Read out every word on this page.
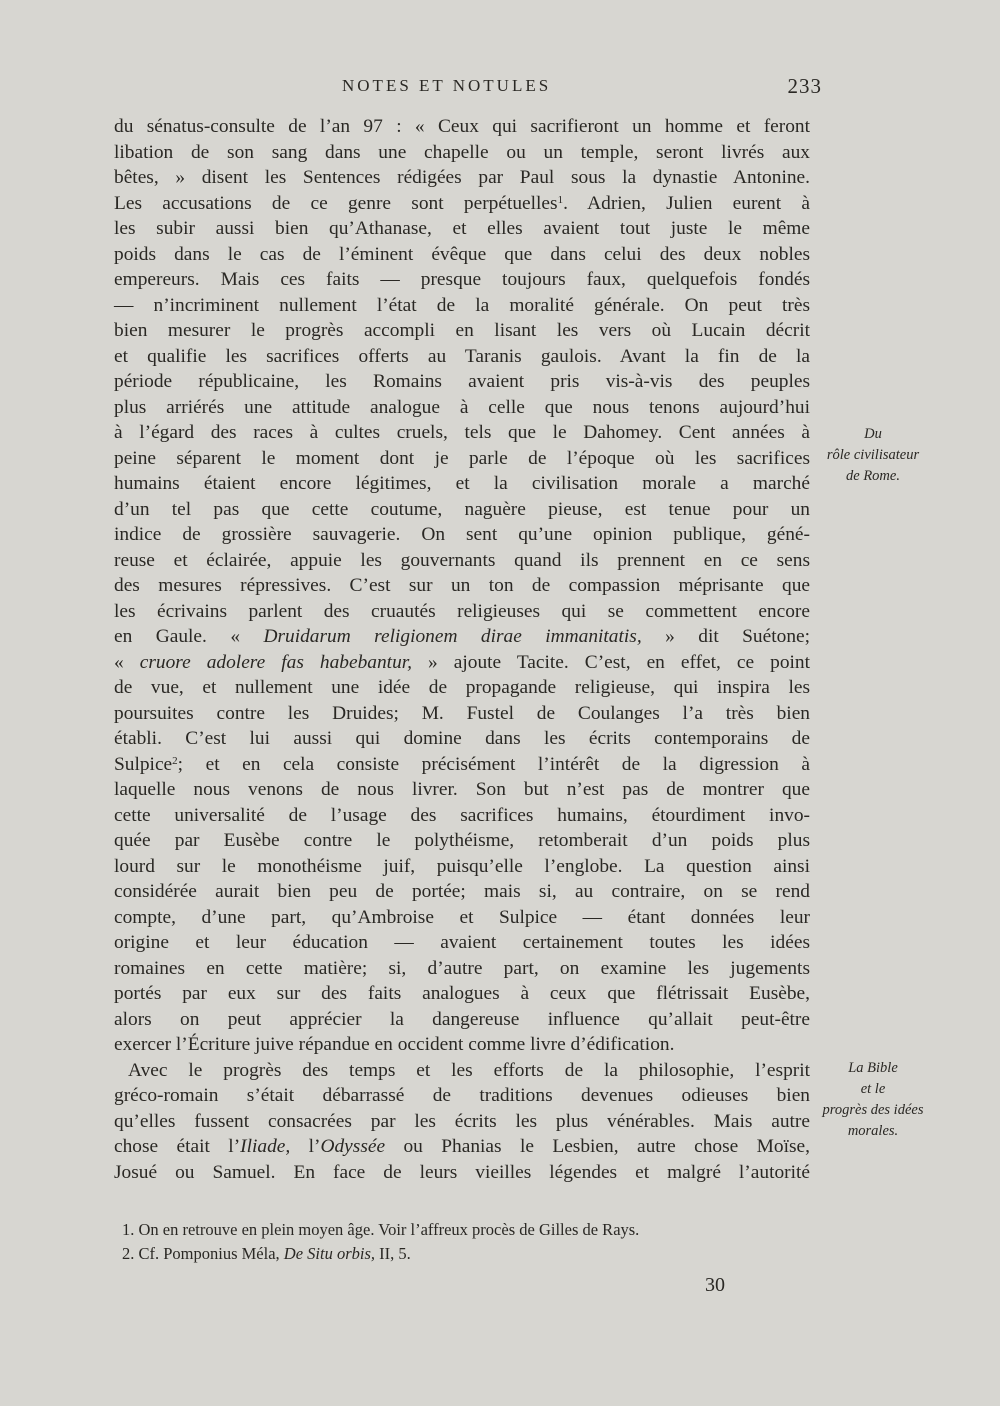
NOTES ET NOTULES	233
du sénatus-consulte de l’an 97 : « Ceux qui sacrifieront un homme et feront
libation de son sang dans une chapelle ou un temple, seront livrés aux
bêtes, » disent les Sentences rédigées par Paul sous la dynastie Antonine.
Les accusations de ce genre sont perpétuelles$^1$. Adrien, Julien eurent à
les subir aussi bien qu’Athanase, et elles avaient tout juste le même
poids dans le cas de l’éminent évêque que dans celui des deux nobles
empereurs. Mais ces faits — presque toujours faux, quelquefois fondés
— n’incriminent nullement l’état de la moralité générale. On peut très
bien mesurer le progrès accompli en lisant les vers où Lucain décrit
et qualifie les sacrifices offerts au Taranis gaulois. Avant la fin de la
période républicaine, les Romains avaient pris vis-à-vis des peuples
plus arriérés une attitude analogue à celle que nous tenons aujourd’hui
à l’égard des races à cultes cruels, tels que le Dahomey. Cent années à
peine séparent le moment dont je parle de l’époque où les sacrifices
humains étaient encore légitimes, et la civilisation morale a marché
d’un tel pas que cette coutume, naguère pieuse, est tenue pour un
indice de grossière sauvagerie. On sent qu’une opinion publique, géné-
reuse et éclairée, appuie les gouvernants quand ils prennent en ce sens
des mesures répressives. C’est sur un ton de compassion méprisante que
les écrivains parlent des cruautés religieuses qui se commettent encore
en Gaule. « Druidarum religionem dirae immanitatis, » dit Suétone;
« cruore adolere fas habebantur, » ajoute Tacite. C’est, en effet, ce point
de vue, et nullement une idée de propagande religieuse, qui inspira les
poursuites contre les Druides; M. Fustel de Coulanges l’a très bien
établi. C’est lui aussi qui domine dans les écrits contemporains de
Sulpice$^2$; et en cela consiste précisément l’intérêt de la digression à
laquelle nous venons de nous livrer. Son but n’est pas de montrer que
cette universalité de l’usage des sacrifices humains, étourdiment invo-
quée par Eusèbe contre le polythéisme, retomberait d’un poids plus
lourd sur le monothéisme juif, puisqu’elle l’englobe. La question ainsi
considérée aurait bien peu de portée; mais si, au contraire, on se rend
compte, d’une part, qu’Ambroise et Sulpice — étant données leur
origine et leur éducation — avaient certainement toutes les idées
romaines en cette matière; si, d’autre part, on examine les jugements
portés par eux sur des faits analogues à ceux que flétrissait Eusèbe,
alors on peut apprécier la dangereuse influence qu’allait peut-être
exercer l’Écriture juive répandue en occident comme livre d’édification.
Avec le progrès des temps et les efforts de la philosophie, l’esprit
gréco-romain s’était débarrassé de traditions devenues odieuses bien
qu’elles fussent consacrées par les écrits les plus vénérables. Mais autre
chose était l’Iliade, l’Odyssée ou Phanias le Lesbien, autre chose Moïse,
Josué ou Samuel. En face de leurs vieilles légendes et malgré l’autorité
Du
rôle civilisateur
de Rome.
La Bible
et le
progrès des idées
morales.
1. On en retrouve en plein moyen âge. Voir l’affreux procès de Gilles de Rays.
2. Cf. Pomponius Méla, De Situ orbis, II, 5.
30
